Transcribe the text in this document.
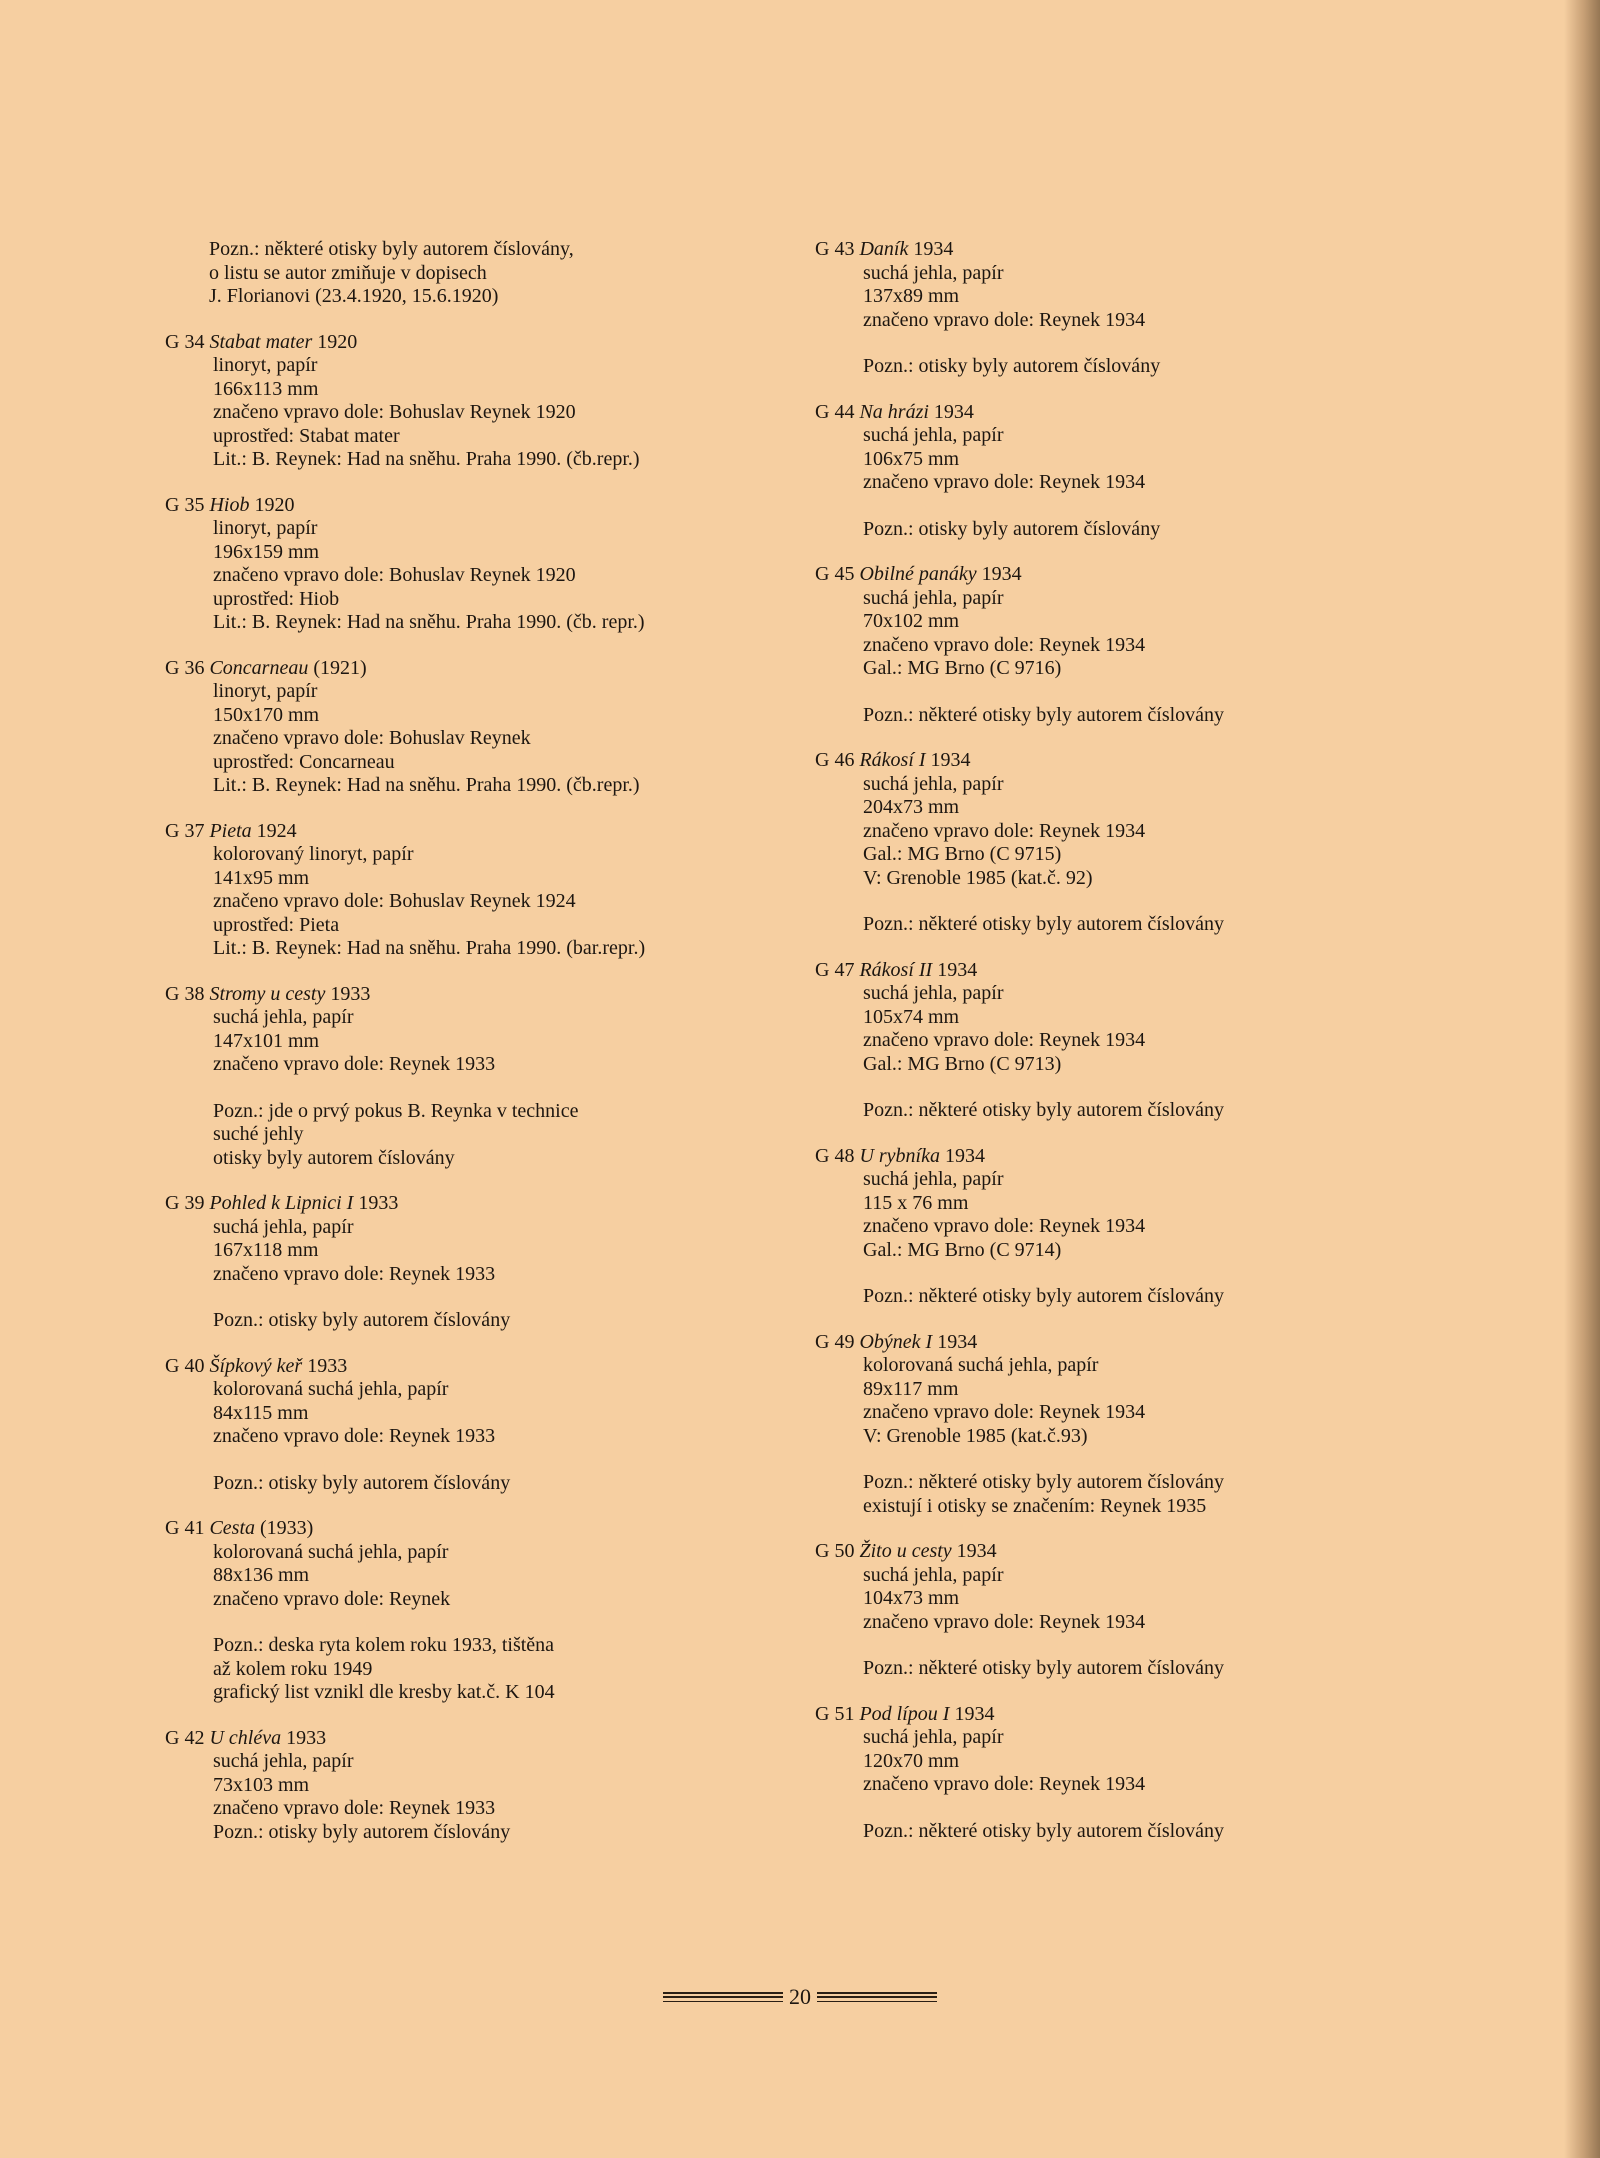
Pozn.: některé otisky byly autorem číslovány,
o listu se autor zmiňuje v dopisech
J. Florianovi (23.4.1920, 15.6.1920)
G 34 Stabat mater 1920
linoryt, papír
166x113 mm
značeno vpravo dole: Bohuslav Reynek 1920
uprostřed: Stabat mater
Lit.: B. Reynek: Had na sněhu. Praha 1990. (čb.repr.)
G 35 Hiob 1920
linoryt, papír
196x159 mm
značeno vpravo dole: Bohuslav Reynek 1920
uprostřed: Hiob
Lit.: B. Reynek: Had na sněhu. Praha 1990. (čb. repr.)
G 36 Concarneau (1921)
linoryt, papír
150x170 mm
značeno vpravo dole: Bohuslav Reynek
uprostřed: Concarneau
Lit.: B. Reynek: Had na sněhu. Praha 1990. (čb.repr.)
G 37 Pieta 1924
kolorovaný linoryt, papír
141x95 mm
značeno vpravo dole: Bohuslav Reynek 1924
uprostřed: Pieta
Lit.: B. Reynek: Had na sněhu. Praha 1990. (bar.repr.)
G 38 Stromy u cesty 1933
suchá jehla, papír
147x101 mm
značeno vpravo dole: Reynek 1933
Pozn.: jde o prvý pokus B. Reynka v technice
suché jehly
otisky byly autorem číslovány
G 39 Pohled k Lipnici I 1933
suchá jehla, papír
167x118 mm
značeno vpravo dole: Reynek 1933
Pozn.: otisky byly autorem číslovány
G 40 Šípkový keř 1933
kolorovaná suchá jehla, papír
84x115 mm
značeno vpravo dole: Reynek 1933
Pozn.: otisky byly autorem číslovány
G 41 Cesta (1933)
kolorovaná suchá jehla, papír
88x136 mm
značeno vpravo dole: Reynek
Pozn.: deska ryta kolem roku 1933, tištěna
až kolem roku 1949
grafický list vznikl dle kresby kat.č. K 104
G 42 U chlévа 1933
suchá jehla, papír
73x103 mm
značeno vpravo dole: Reynek 1933
Pozn.: otisky byly autorem číslovány
G 43 Daník 1934
suchá jehla, papír
137x89 mm
značeno vpravo dole: Reynek 1934
Pozn.: otisky byly autorem číslovány
G 44 Na hrázi 1934
suchá jehla, papír
106x75 mm
značeno vpravo dole: Reynek 1934
Pozn.: otisky byly autorem číslovány
G 45 Obilné panáky 1934
suchá jehla, papír
70x102 mm
značeno vpravo dole: Reynek 1934
Gal.: MG Brno (C 9716)
Pozn.: některé otisky byly autorem číslovány
G 46 Rákosí I 1934
suchá jehla, papír
204x73 mm
značeno vpravo dole: Reynek 1934
Gal.: MG Brno (C 9715)
V: Grenoble 1985 (kat.č. 92)
Pozn.: některé otisky byly autorem číslovány
G 47 Rákosí II 1934
suchá jehla, papír
105x74 mm
značeno vpravo dole: Reynek 1934
Gal.: MG Brno (C 9713)
Pozn.: některé otisky byly autorem číslovány
G 48 U rybníka 1934
suchá jehla, papír
115 x 76 mm
značeno vpravo dole: Reynek 1934
Gal.: MG Brno (C 9714)
Pozn.: některé otisky byly autorem číslovány
G 49 Obýnek I 1934
kolorovaná suchá jehla, papír
89x117 mm
značeno vpravo dole: Reynek 1934
V: Grenoble 1985 (kat.č.93)
Pozn.: některé otisky byly autorem číslovány
existují i otisky se značením: Reynek 1935
G 50 Žito u cesty 1934
suchá jehla, papír
104x73 mm
značeno vpravo dole: Reynek 1934
Pozn.: některé otisky byly autorem číslovány
G 51 Pod lípou I 1934
suchá jehla, papír
120x70 mm
značeno vpravo dole: Reynek 1934
Pozn.: některé otisky byly autorem číslovány
20
